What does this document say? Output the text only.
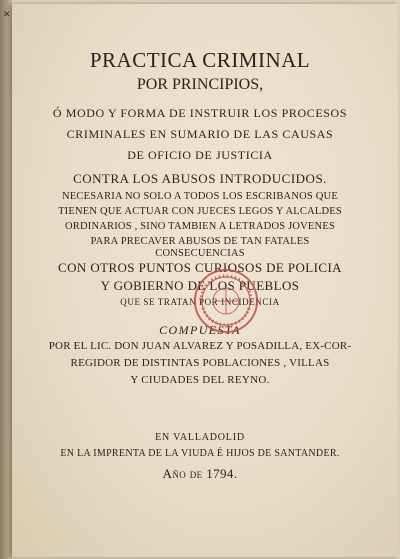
✕
PRACTICA CRIMINAL
POR PRINCIPIOS,
Ó MODO Y FORMA DE INSTRUIR LOS PROCESOS
CRIMINALES EN SUMARIO DE LAS CAUSAS
DE OFICIO DE JUSTICIA
CONTRA LOS ABUSOS INTRODUCIDOS.
NECESARIA NO SOLO A TODOS LOS ESCRIBANOS QUE
TIENEN QUE ACTUAR CON JUECES LEGOS Y ALCALDES
ORDINARIOS , SINO TAMBIEN A LETRADOS JOVENES
PARA PRECAVER ABUSOS DE TAN FATALES
CONSECUENCIAS
CON OTROS PUNTOS CURIOSOS DE POLICIA
Y GOBIERNO DE LOS PUEBLOS
QUE SE TRATAN POR INCIDENCIA
COMPUESTA
POR EL LIC. DON JUAN ALVAREZ Y POSADILLA, EX-COR-
REGIDOR DE DISTINTAS POBLACIONES , VILLAS
Y CIUDADES DEL REYNO.
EN VALLADOLID
EN LA IMPRENTA DE LA VIUDA É HIJOS DE SANTANDER.
Año de 1794.
